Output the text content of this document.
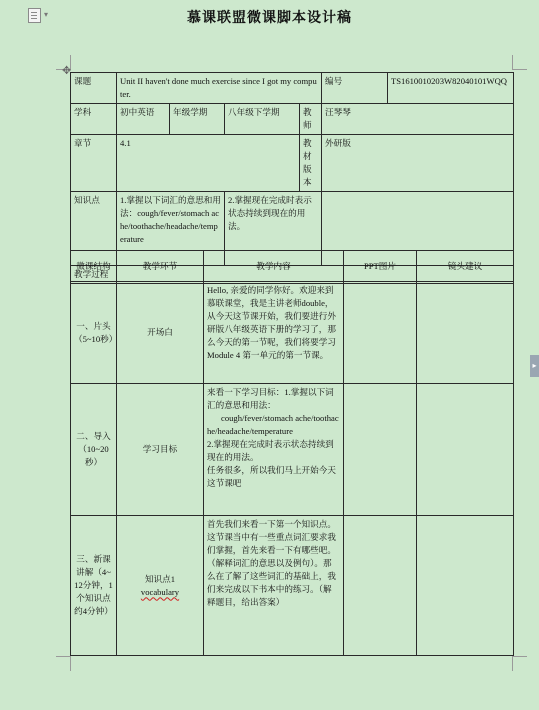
▾	慕课联盟微课脚本设计稿
✥
▸
课题	Unit II haven't done much exercise since I got my computer.				编号	TS1610010203W82040101WQQ
学科	初中英语	年级学期	八年级下学期	教师	汪琴琴	
章节	4.1			教材版本	外研版	
知识点	1.掌握以下词汇的意思和用法：cough/fever/stomach ache/toothache/headache/temperature		2.掌握现在完成时表示状态持续到现在的用法。			
教学过程						
微课结构	教学环节	教学内容	PPT图片	镜头建议
一、片头（5~10秒）	开场白	Hello, 亲爱的同学你好。欢迎来到慕联课堂，我是主讲老师double，从今天这节课开始，我们要进行外研版八年级英语下册的学习了，那么今天的第一节呢，我们将要学习Module 4 第一单元的第一节课。		
二、导入（10~20秒）	学习目标	来看一下学习目标：1.掌握以下词汇的意思和用法：
cough/fever/stomach ache/toothache/headache/temperature
2.掌握现在完成时表示状态持续到现在的用法。
任务很多，所以我们马上开始今天这节课吧		

三、新课讲解（4~12分钟，1个知识点约4分钟）	知识点1
vocabulary	首先我们来看一下第一个知识点。这节课当中有一些重点词汇要求我们掌握，首先来看一下有哪些吧。（解释词汇的意思以及例句）。那么在了解了这些词汇的基础上，我们来完成以下书本中的练习。（解释题目，给出答案）		
